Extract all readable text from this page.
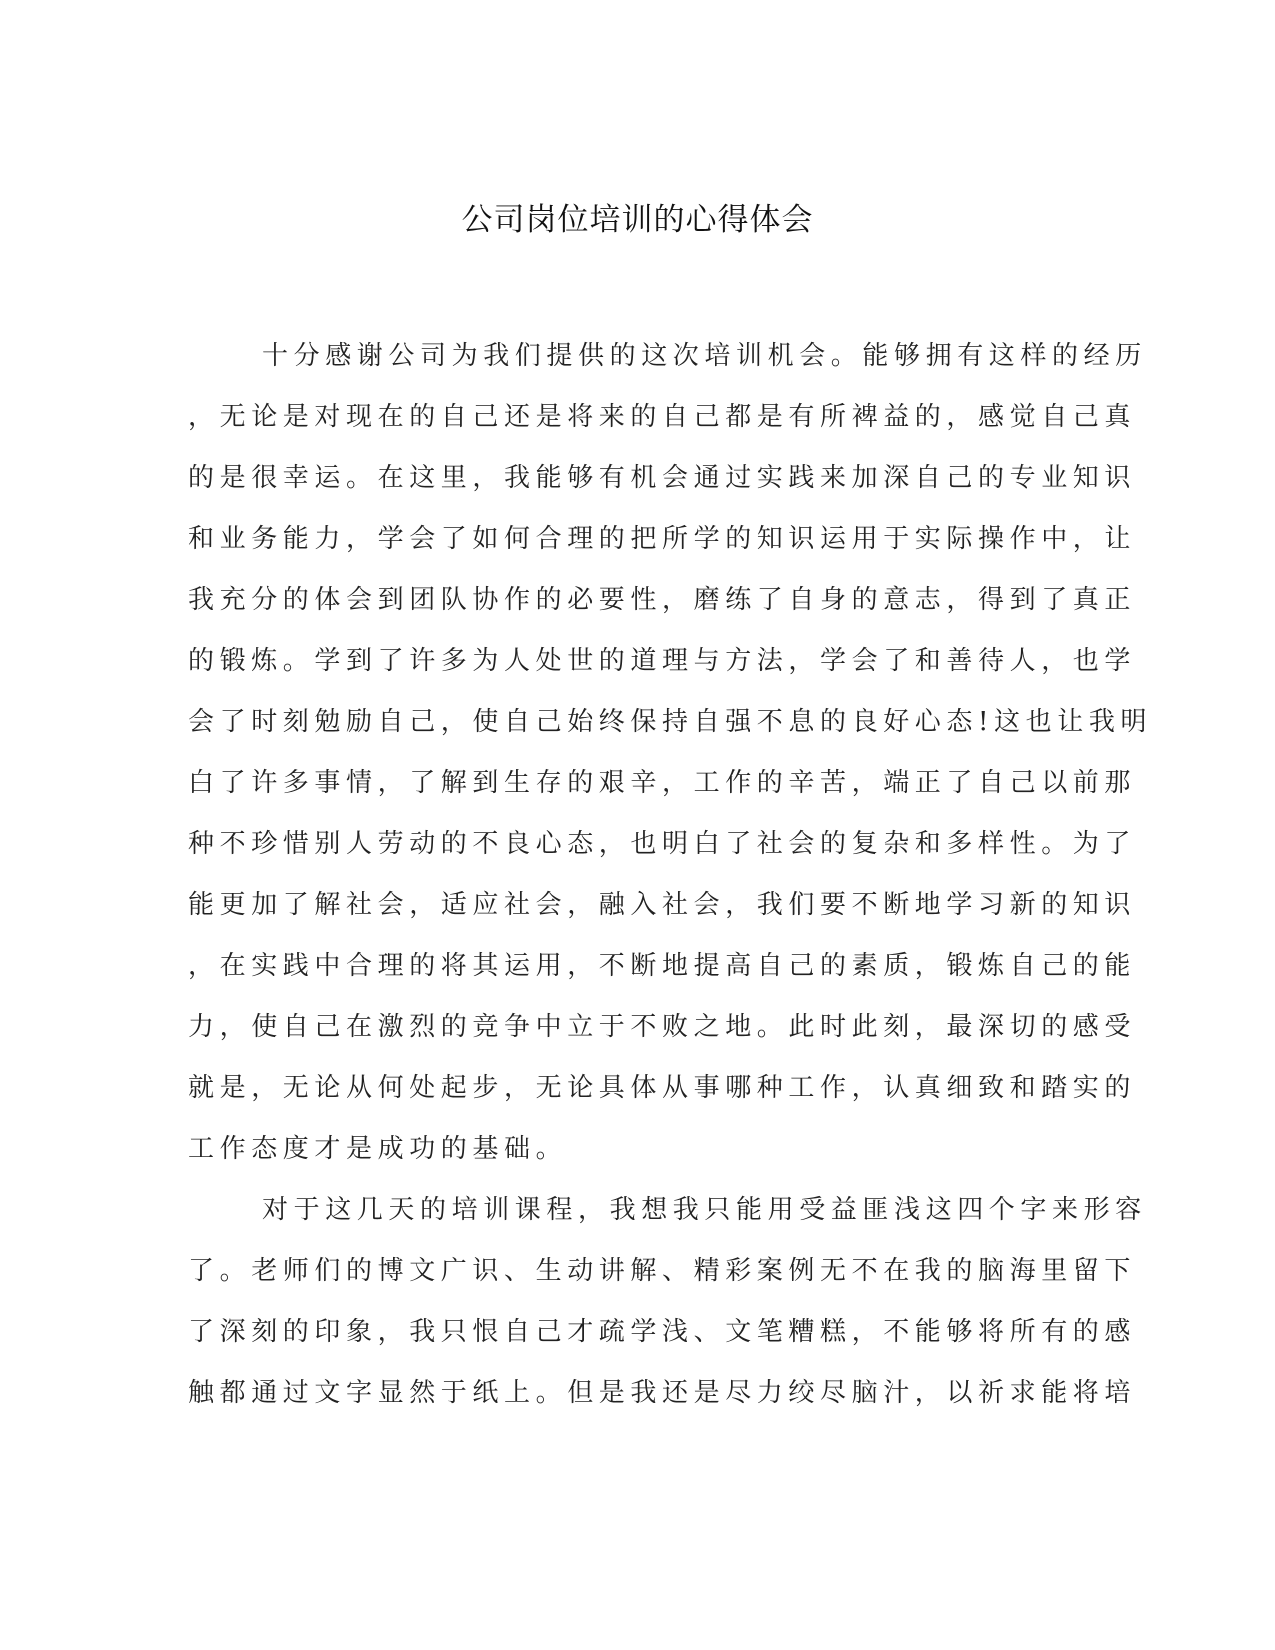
公司岗位培训的心得体会
十分感谢公司为我们提供的这次培训机会。能够拥有这样的经历
，无论是对现在的自己还是将来的自己都是有所裨益的，感觉自己真
的是很幸运。在这里，我能够有机会通过实践来加深自己的专业知识
和业务能力，学会了如何合理的把所学的知识运用于实际操作中，让
我充分的体会到团队协作的必要性，磨练了自身的意志，得到了真正
的锻炼。学到了许多为人处世的道理与方法，学会了和善待人，也学
会了时刻勉励自己，使自己始终保持自强不息的良好心态!这也让我明
白了许多事情，了解到生存的艰辛，工作的辛苦，端正了自己以前那
种不珍惜别人劳动的不良心态，也明白了社会的复杂和多样性。为了
能更加了解社会，适应社会，融入社会，我们要不断地学习新的知识
，在实践中合理的将其运用，不断地提高自己的素质，锻炼自己的能
力，使自己在激烈的竞争中立于不败之地。此时此刻，最深切的感受
就是，无论从何处起步，无论具体从事哪种工作，认真细致和踏实的
工作态度才是成功的基础。
对于这几天的培训课程，我想我只能用受益匪浅这四个字来形容
了。老师们的博文广识、生动讲解、精彩案例无不在我的脑海里留下
了深刻的印象，我只恨自己才疏学浅、文笔糟糕，不能够将所有的感
触都通过文字显然于纸上。但是我还是尽力绞尽脑汁，以祈求能将培
